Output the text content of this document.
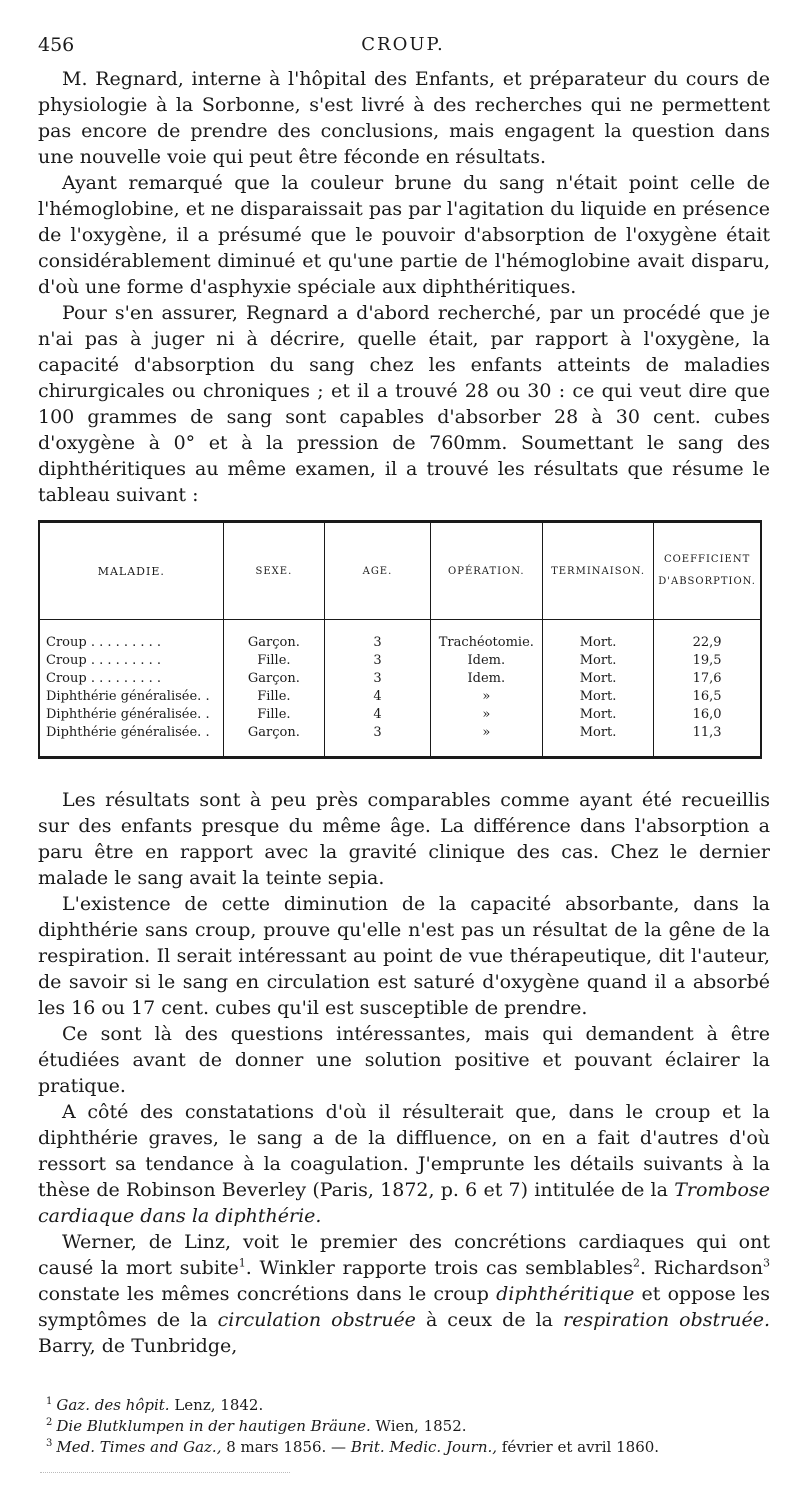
456	CROUP.

M. Regnard, interne à l'hôpital des Enfants, et préparateur du cours de physiologie à la Sorbonne, s'est livré à des recherches qui ne permettent pas encore de prendre des conclusions, mais engagent la question dans une nouvelle voie qui peut être féconde en résultats.

Ayant remarqué que la couleur brune du sang n'était point celle de l'hémoglobine, et ne disparaissait pas par l'agitation du liquide en présence de l'oxygène, il a présumé que le pouvoir d'absorption de l'oxygène était considérablement diminué et qu'une partie de l'hémoglobine avait disparu, d'où une forme d'asphyxie spéciale aux diphthéritiques.

Pour s'en assurer, Regnard a d'abord recherché, par un procédé que je n'ai pas à juger ni à décrire, quelle était, par rapport à l'oxygène, la capacité d'absorption du sang chez les enfants atteints de maladies chirurgicales ou chroniques ; et il a trouvé 28 ou 30 : ce qui veut dire que 100 grammes de sang sont capables d'absorber 28 à 30 cent. cubes d'oxygène à 0° et à la pression de 760mm. Soumettant le sang des diphthéritiques au même examen, il a trouvé les résultats que résume le tableau suivant :

MALADIE.	SEXE.	AGE.	OPÉRATION.	TERMINAISON.	COEFFICIENT D'ABSORPTION.

Croup . . . . . . . . .	Garçon.	3	Trachéotomie.	Mort.	22,9
Croup . . . . . . . . .	Fille.	3	Idem.	Mort.	19,5
Croup . . . . . . . . .	Garçon.	3	Idem.	Mort.	17,6
Diphthérie généralisée. .	Fille.	4	»	Mort.	16,5
Diphthérie généralisée. .	Fille.	4	»	Mort.	16,0
Diphthérie généralisée. .	Garçon.	3	»	Mort.	11,3

Les résultats sont à peu près comparables comme ayant été recueillis sur des enfants presque du même âge. La différence dans l'absorption a paru être en rapport avec la gravité clinique des cas. Chez le dernier malade le sang avait la teinte sepia.

L'existence de cette diminution de la capacité absorbante, dans la diphthérie sans croup, prouve qu'elle n'est pas un résultat de la gêne de la respiration. Il serait intéressant au point de vue thérapeutique, dit l'auteur, de savoir si le sang en circulation est saturé d'oxygène quand il a absorbé les 16 ou 17 cent. cubes qu'il est susceptible de prendre.

Ce sont là des questions intéressantes, mais qui demandent à être étudiées avant de donner une solution positive et pouvant éclairer la pratique.

A côté des constatations d'où il résulterait que, dans le croup et la diphthérie graves, le sang a de la diffluence, on en a fait d'autres d'où ressort sa tendance à la coagulation. J'emprunte les détails suivants à la thèse de Robinson Beverley (Paris, 1872, p. 6 et 7) intitulée de la Trombose cardiaque dans la diphthérie.

Werner, de Linz, voit le premier des concrétions cardiaques qui ont causé la mort subite$^1$. Winkler rapporte trois cas semblables$^2$. Richardson$^3$ constate les mêmes concrétions dans le croup diphthéritique et oppose les symptômes de la circulation obstruée à ceux de la respiration obstruée. Barry, de Tunbridge,

$^1$ Gaz. des hôpit. Lenz, 1842.

$^2$ Die Blutklumpen in der hautigen Bräune. Wien, 1852.

$^3$ Med. Times and Gaz., 8 mars 1856. — Brit. Medic. Journ., février et avril 1860.
